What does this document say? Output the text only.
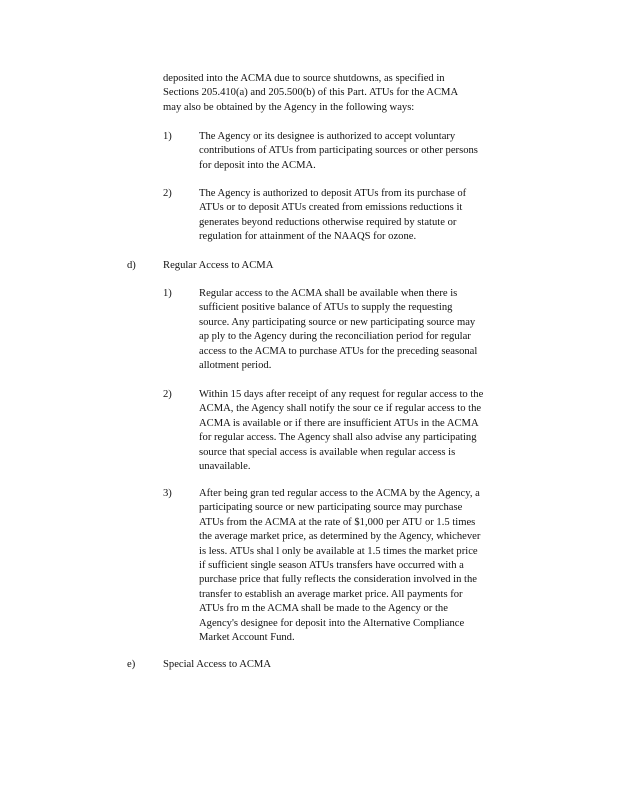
deposited into the ACMA due to source shutdowns, as specified in
Sections 205.410(a) and 205.500(b) of this Part. ATUs for the ACMA
may also be obtained by the Agency in the following ways:
1)	The Agency or its designee is authorized to accept voluntary
contributions of ATUs from participating sources or other persons
for deposit into the ACMA.
2)	The Agency is authorized to deposit ATUs from its purchase of
ATUs or to deposit ATUs created from emissions reductions it
generates beyond reductions otherwise required by statute or
regulation for attainment of the NAAQS for ozone.
d)	Regular Access to ACMA
1)	Regular access to the ACMA shall be available when there is
sufficient positive balance of ATUs to supply the requesting
source. Any participating source or new participating source may
ap ply to the Agency during the reconciliation period for regular
access to the ACMA to purchase ATUs for the preceding seasonal
allotment period.
2)	Within 15 days after receipt of any request for regular access to the
ACMA, the Agency shall notify the sour ce if regular access to the
ACMA is available or if there are insufficient ATUs in the ACMA
for regular access. The Agency shall also advise any participating
source that special access is available when regular access is
unavailable.
3)	After being gran ted regular access to the ACMA by the Agency, a
participating source or new participating source may purchase
ATUs from the ACMA at the rate of $1,000 per ATU or 1.5 times
the average market price, as determined by the Agency, whichever
is less. ATUs shal l only be available at 1.5 times the market price
if sufficient single season ATUs transfers have occurred with a
purchase price that fully reflects the consideration involved in the
transfer to establish an average market price. All payments for
ATUs fro m the ACMA shall be made to the Agency or the
Agency's designee for deposit into the Alternative Compliance
Market Account Fund.
e)	Special Access to ACMA
